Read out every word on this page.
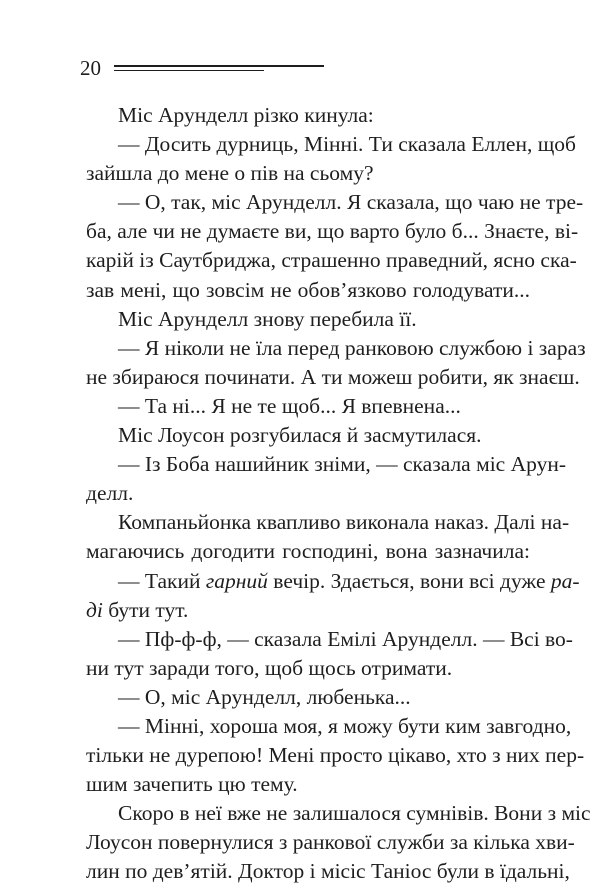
20
Міс Арунделл різко кинула:
— Досить дурниць, Мінні. Ти сказала Еллен, щоб
зайшла до мене о пів на сьому?
— О, так, міс Арунделл. Я сказала, що чаю не тре-
ба, але чи не думаєте ви, що варто було б... Знаєте, ві-
карій із Саутбриджа, страшенно праведний, ясно ска-
зав мені, що зовсім не обов’язково голодувати...
Міс Арунделл знову перебила її.
— Я ніколи не їла перед ранковою службою і зараз
не збираюся починати. А ти можеш робити, як знаєш.
— Та ні... Я не те щоб... Я впевнена...
Міс Лоусон розгубилася й засмутилася.
— Із Боба нашийник зніми, — сказала міс Арун-
делл.
Компаньйонка квапливо виконала наказ. Далі на-
магаючись догодити господині, вона зазначила:
— Такий гарний вечір. Здається, вони всі дуже ра-
ді бути тут.
— Пф-ф-ф, — сказала Емілі Арунделл. — Всі во-
ни тут заради того, щоб щось отримати.
— О, міс Арунделл, любенька...
— Мінні, хороша моя, я можу бути ким завгодно,
тільки не дурепою! Мені просто цікаво, хто з них пер-
шим зачепить цю тему.
Скоро в неї вже не залишалося сумнівів. Вони з міс
Лоусон повернулися з ранкової служби за кілька хви-
лин по дев’ятій. Доктор і місіс Таніос були в їдальні,
